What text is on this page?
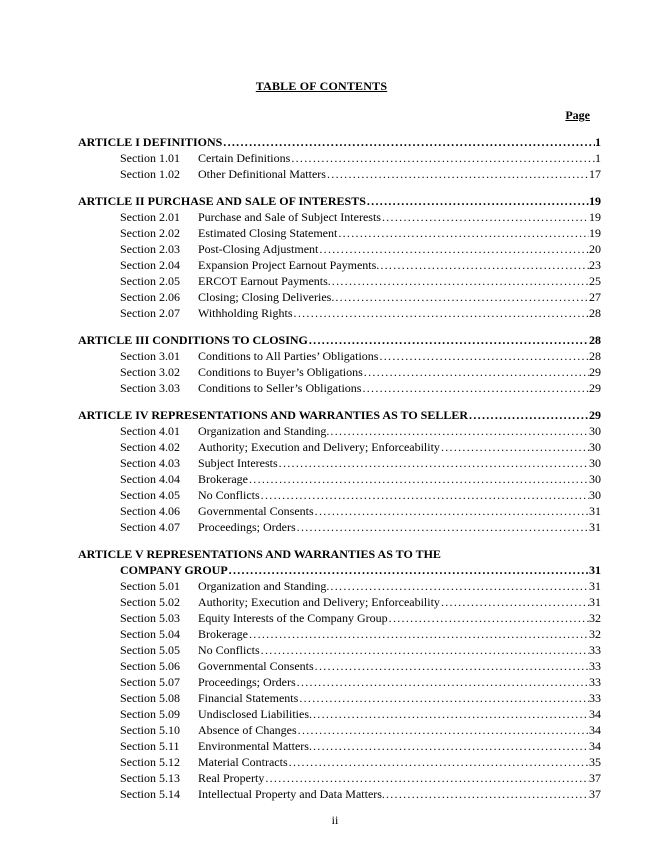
TABLE OF CONTENTS
Page
ARTICLE I DEFINITIONS .....	1
Section 1.01	Certain Definitions .....	1
Section 1.02	Other Definitional Matters .....	17
ARTICLE II PURCHASE AND SALE OF INTERESTS .....	19
Section 2.01	Purchase and Sale of Subject Interests .....	19
Section 2.02	Estimated Closing Statement .....	19
Section 2.03	Post-Closing Adjustment .....	20
Section 2.04	Expansion Project Earnout Payments. .....	23
Section 2.05	ERCOT Earnout Payments. .....	25
Section 2.06	Closing; Closing Deliveries. .....	27
Section 2.07	Withholding Rights .....	28
ARTICLE III CONDITIONS TO CLOSING .....	28
Section 3.01	Conditions to All Parties’ Obligations .....	28
Section 3.02	Conditions to Buyer’s Obligations .....	29
Section 3.03	Conditions to Seller’s Obligations .....	29
ARTICLE IV REPRESENTATIONS AND WARRANTIES AS TO SELLER .....	29
Section 4.01	Organization and Standing. .....	30
Section 4.02	Authority; Execution and Delivery; Enforceability .....	30
Section 4.03	Subject Interests .....	30
Section 4.04	Brokerage .....	30
Section 4.05	No Conflicts .....	30
Section 4.06	Governmental Consents .....	31
Section 4.07	Proceedings; Orders .....	31
ARTICLE V REPRESENTATIONS AND WARRANTIES AS TO THE
COMPANY GROUP .....	31
Section 5.01	Organization and Standing. .....	31
Section 5.02	Authority; Execution and Delivery; Enforceability .....	31
Section 5.03	Equity Interests of the Company Group .....	32
Section 5.04	Brokerage .....	32
Section 5.05	No Conflicts .....	33
Section 5.06	Governmental Consents .....	33
Section 5.07	Proceedings; Orders .....	33
Section 5.08	Financial Statements .....	33
Section 5.09	Undisclosed Liabilities. .....	34
Section 5.10	Absence of Changes .....	34
Section 5.11	Environmental Matters. .....	34
Section 5.12	Material Contracts .....	35
Section 5.13	Real Property .....	37
Section 5.14	Intellectual Property and Data Matters. .....	37
ii
